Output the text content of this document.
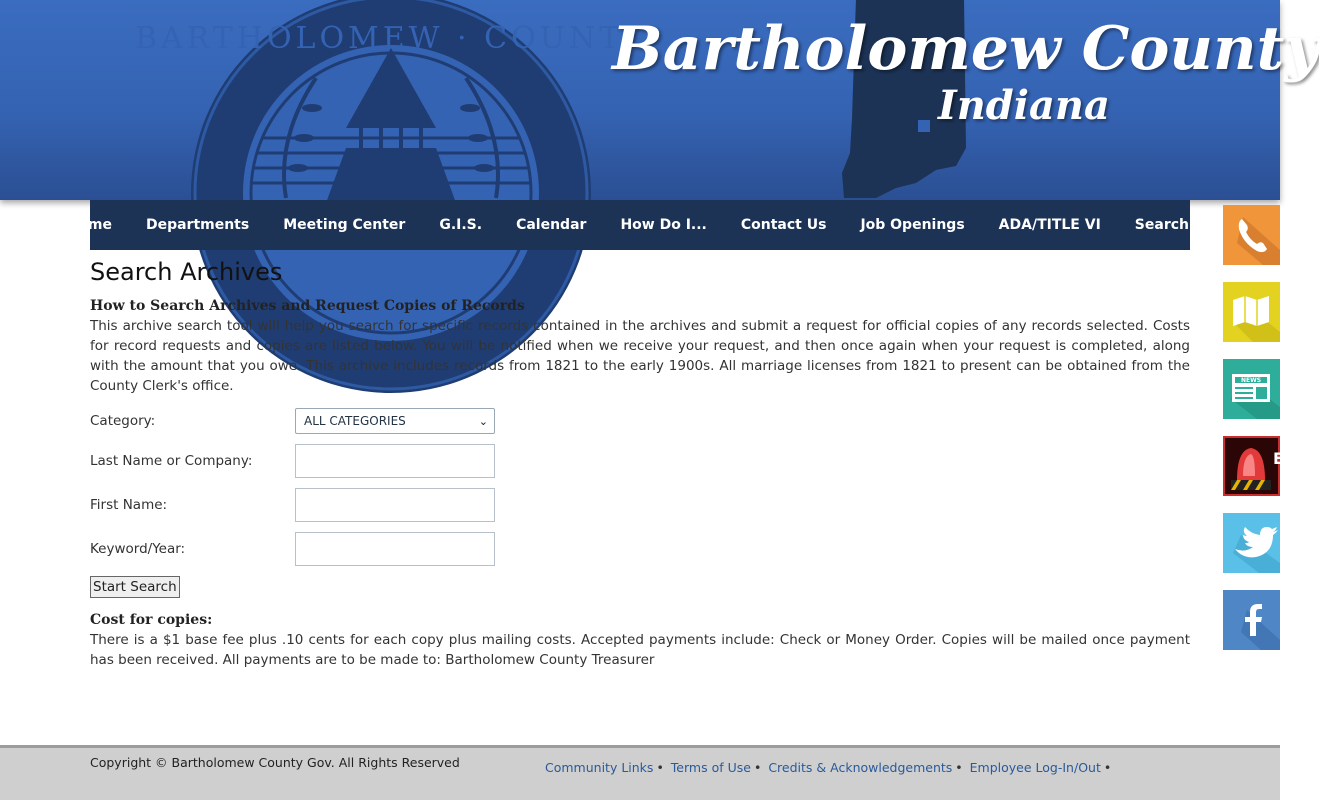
BARTHOLOMEW · COUNTY
Bartholomew County
Indiana
Home	Departments	Meeting Center	G.I.S.	Calendar	How Do I...	Contact Us	Job Openings	ADA/TITLE VI	Search
Search Archives
How to Search Archives and Request Copies of Records

This archive search tool will help you search for specific records contained in the archives and submit a request for official copies of any records selected. Costs for record requests and copies are listed below. You will be notified when we receive your request, and then once again when your request is completed, along with the amount that you owe. This archive includes records from 1821 to the early 1900s. All marriage licenses from 1821 to present can be obtained from the County Clerk's office.

Category:	ALL CATEGORIES	⌄
Last Name or Company:
First Name:
Keyword/Year:
Start Search
Cost for copies:

There is a $1 base fee plus .10 cents for each copy plus mailing costs. Accepted payments include: Check or Money Order. Copies will be mailed once payment has been received. All payments are to be made to: Bartholomew County Treasurer

NEWS
E
Copyright © Bartholomew County Gov. All Rights Reserved	Community Links • Terms of Use • Credits & Acknowledgements • Employee Log-In/Out •
